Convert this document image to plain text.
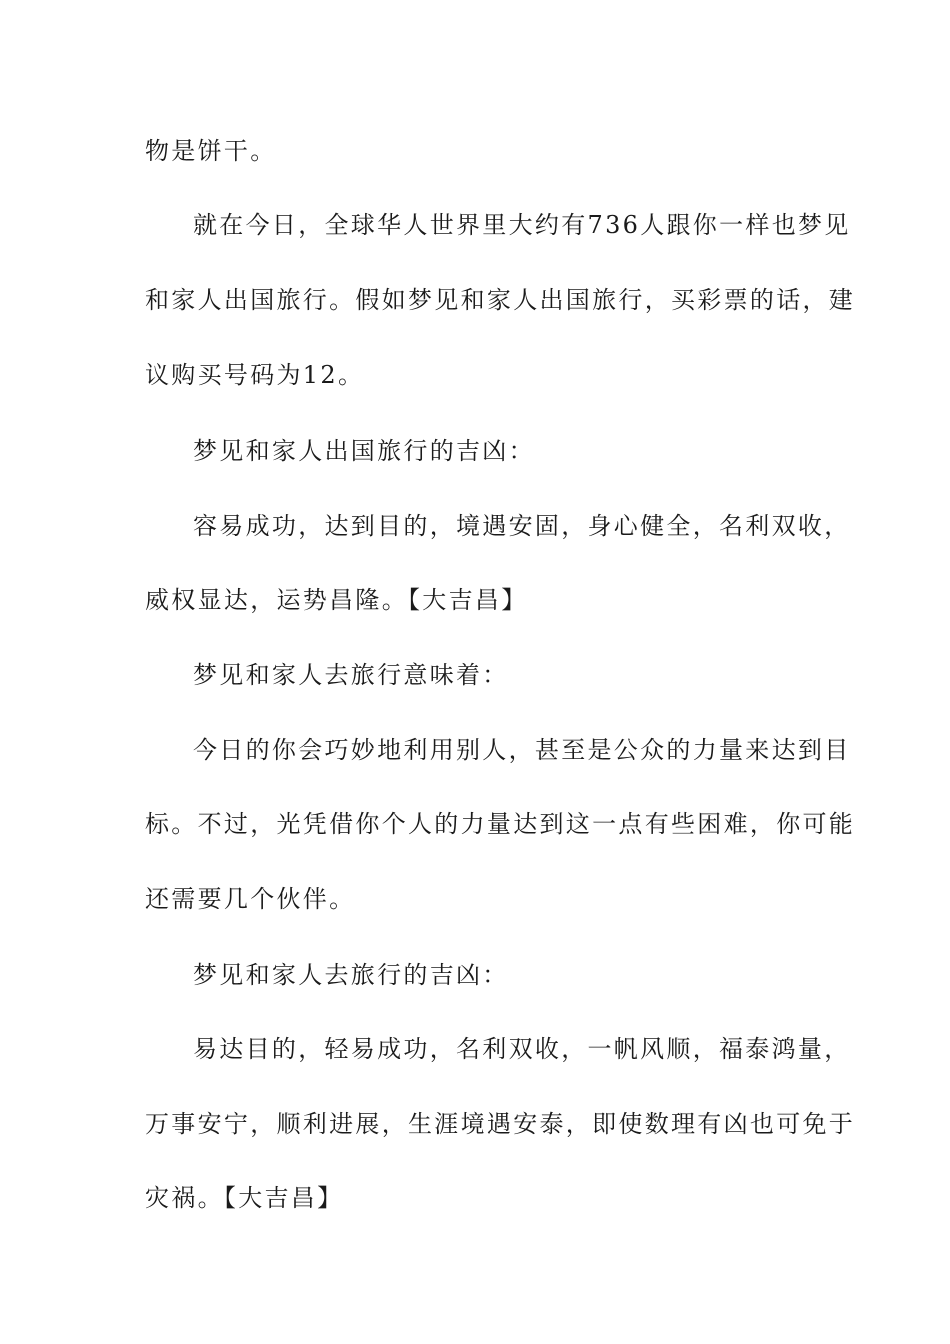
物是饼干。
就在今日，全球华人世界里大约有736人跟你一样也梦见
和家人出国旅行。假如梦见和家人出国旅行，买彩票的话，建
议购买号码为12。
梦见和家人出国旅行的吉凶：
容易成功，达到目的，境遇安固，身心健全，名利双收，
威权显达，运势昌隆。【大吉昌】
梦见和家人去旅行意味着：
今日的你会巧妙地利用别人，甚至是公众的力量来达到目
标。不过，光凭借你个人的力量达到这一点有些困难，你可能
还需要几个伙伴。
梦见和家人去旅行的吉凶：
易达目的，轻易成功，名利双收，一帆风顺，福泰鸿量，
万事安宁，顺利进展，生涯境遇安泰，即使数理有凶也可免于
灾祸。【大吉昌】
